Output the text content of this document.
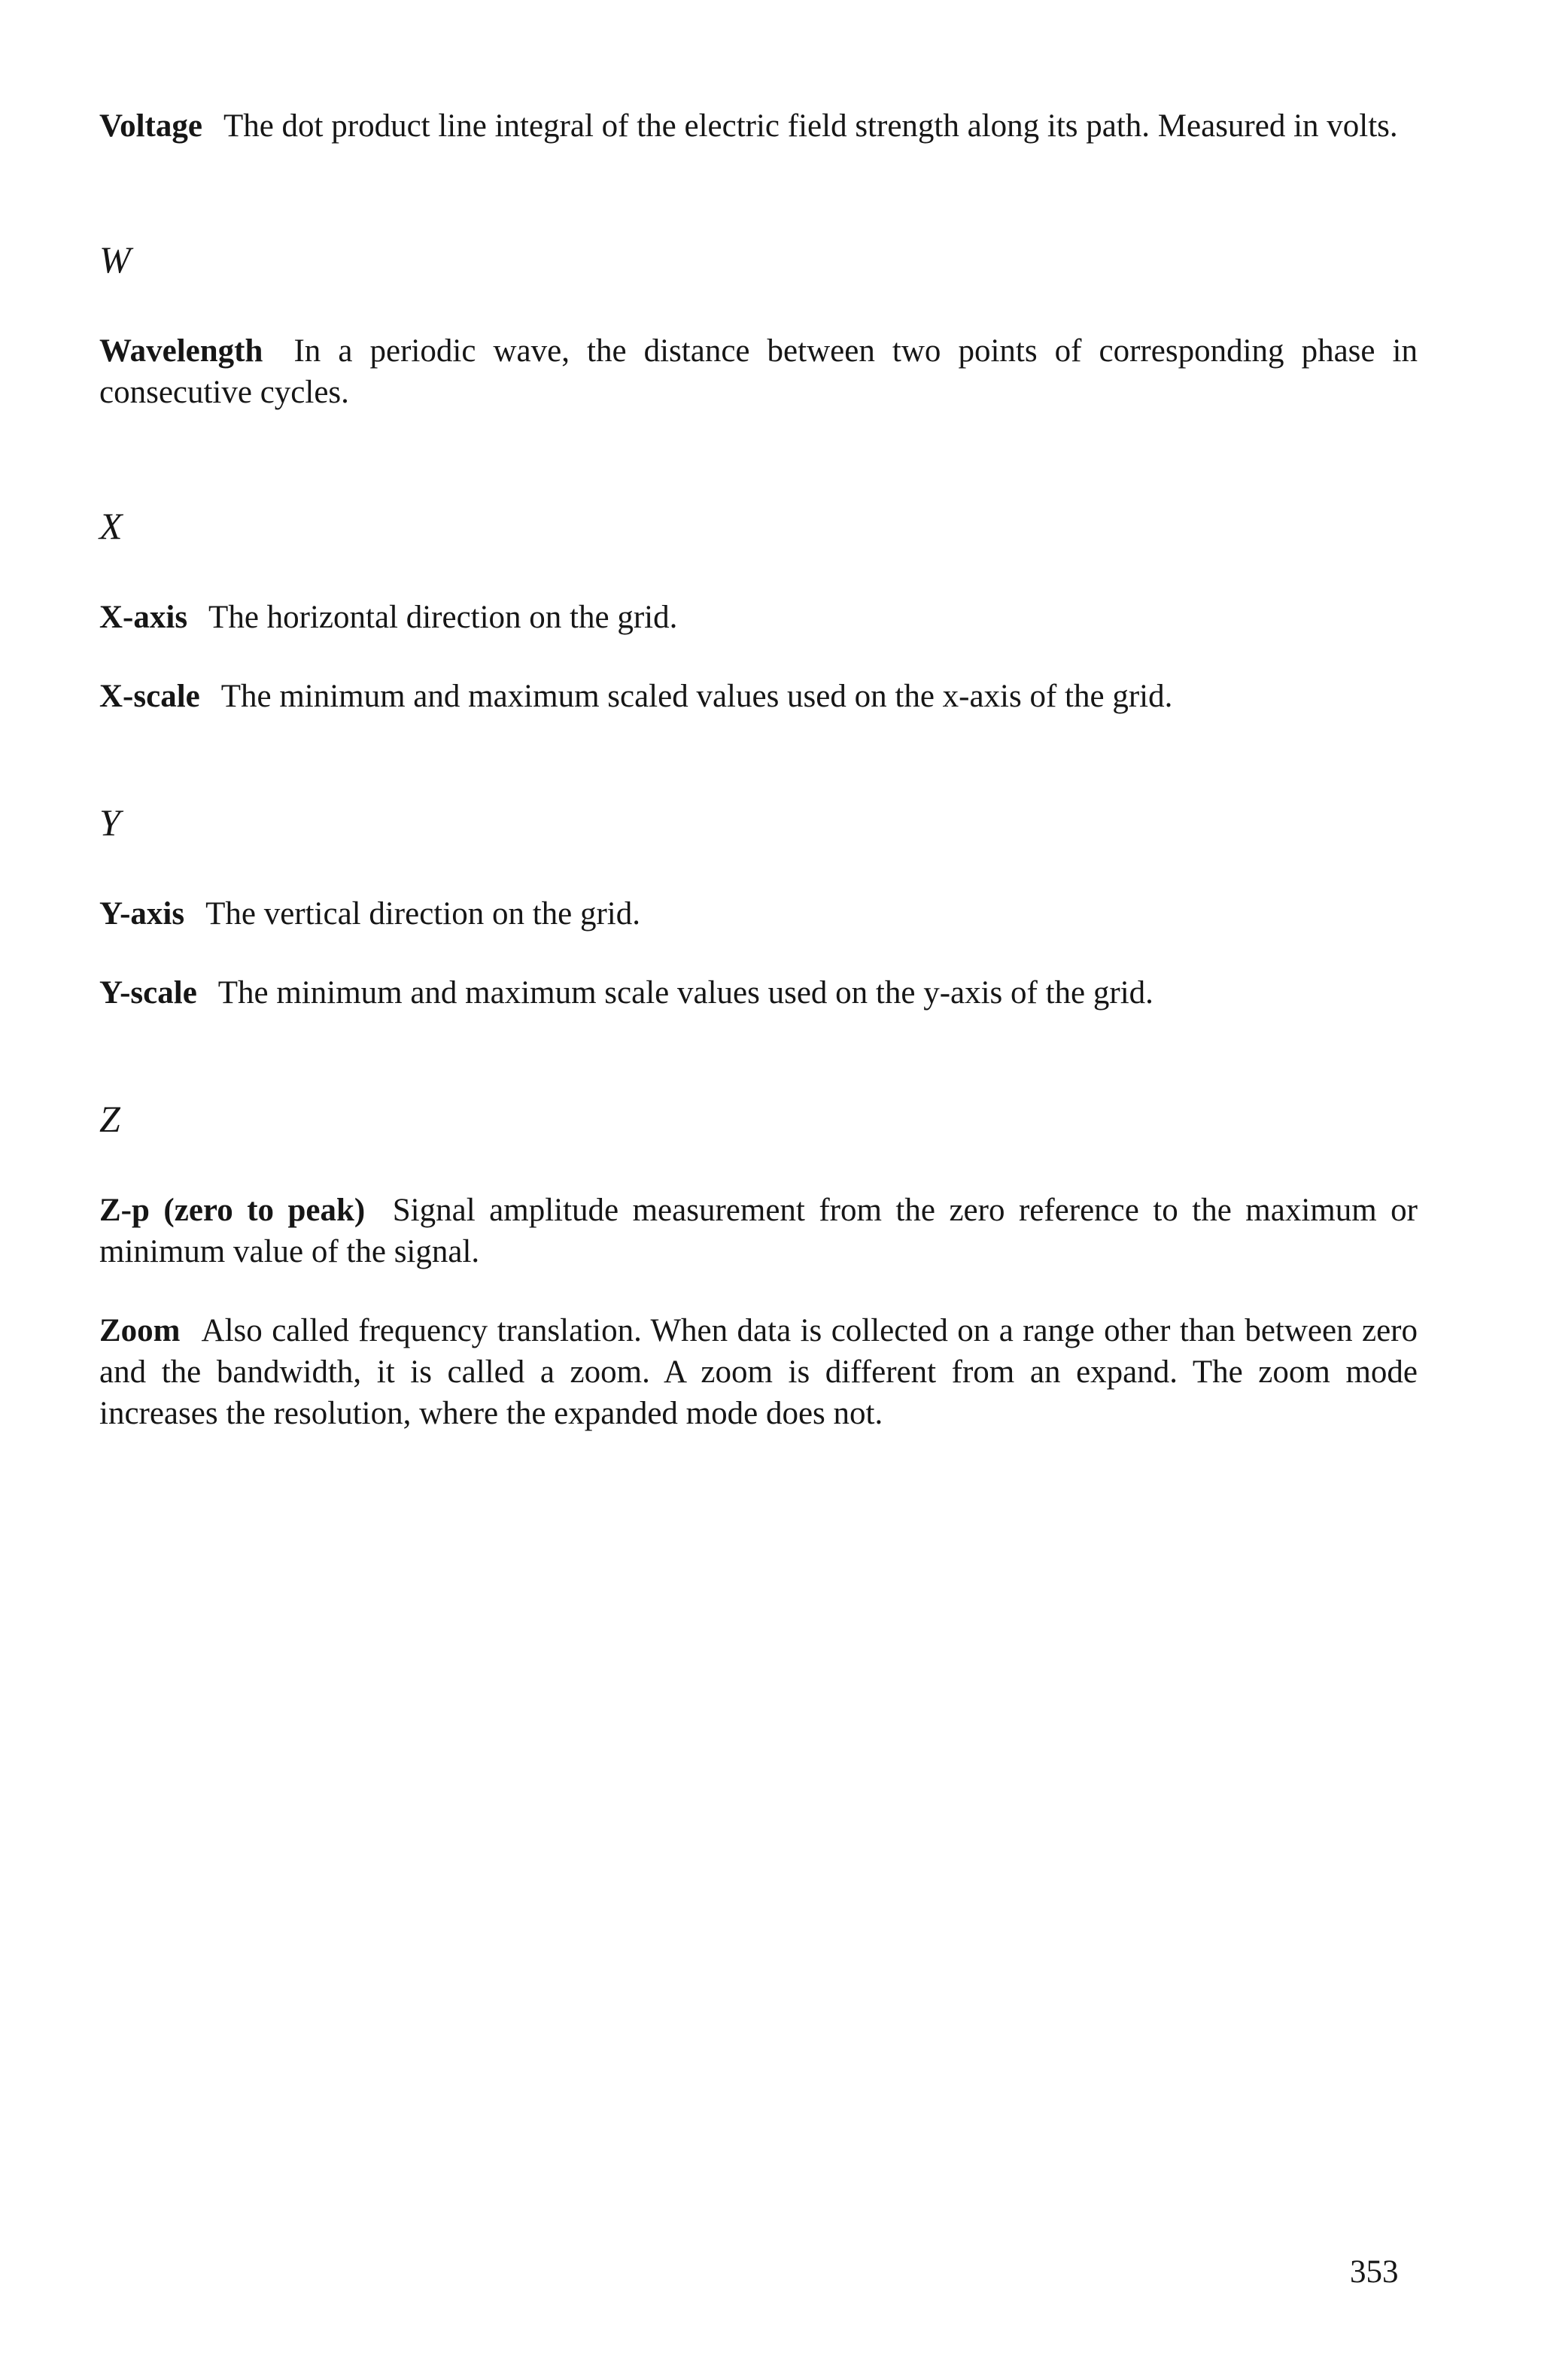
Voltage The dot product line integral of the electric field strength along its path. Measured in volts.

W

Wavelength In a periodic wave, the distance between two points of corresponding phase in consecutive cycles.

X

X-axis The horizontal direction on the grid.

X-scale The minimum and maximum scaled values used on the x-axis of the grid.

Y

Y-axis The vertical direction on the grid.

Y-scale The minimum and maximum scale values used on the y-axis of the grid.

Z

Z-p (zero to peak) Signal amplitude measurement from the zero reference to the maximum or minimum value of the signal.

Zoom Also called frequency translation. When data is collected on a range other than between zero and the bandwidth, it is called a zoom. A zoom is different from an expand. The zoom mode increases the resolution, where the expanded mode does not.

353
